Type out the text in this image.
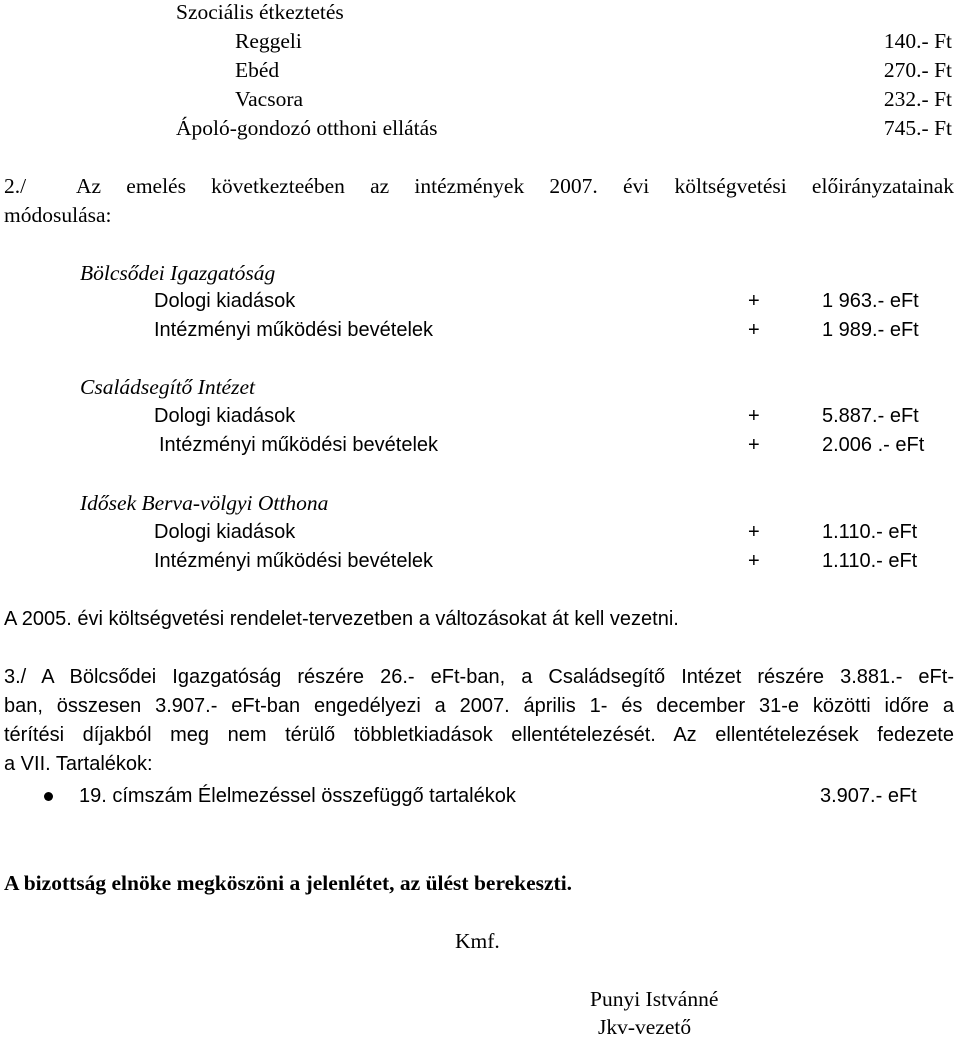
Szociális étkeztetés
Reggeli	140.- Ft
Ebéd	270.- Ft
Vacsora	232.- Ft
Ápoló-gondozó otthoni ellátás	745.- Ft
2./ Az emelés következteében az intézmények 2007. évi költségvetési előirányzatainak
módosulása:
Bölcsődei Igazgatóság
Dologi kiadások	+	1 963.- eFt
Intézményi működési bevételek	+	1 989.- eFt
Családsegítő Intézet
Dologi kiadások	+	5.887.- eFt
Intézményi működési bevételek	+	2.006 .- eFt
Idősek Berva-völgyi Otthona
Dologi kiadások	+	1.110.- eFt
Intézményi működési bevételek	+	1.110.- eFt
A 2005. évi költségvetési rendelet-tervezetben a változásokat át kell vezetni.
3./ A Bölcsődei Igazgatóság részére 26.- eFt-ban, a Családsegítő Intézet részére 3.881.- eFt-
ban, összesen 3.907.- eFt-ban engedélyezi a 2007. április 1- és december 31-e közötti időre a
térítési díjakból meg nem térülő többletkiadások ellentételezését. Az ellentételezések fedezete
a VII. Tartalékok:
19. címszám Élelmezéssel összefüggő tartalékok	3.907.- eFt
A bizottság elnöke megköszöni a jelenlétet, az ülést berekeszti.
Kmf.
Punyi Istvánné
Jkv-vezető
